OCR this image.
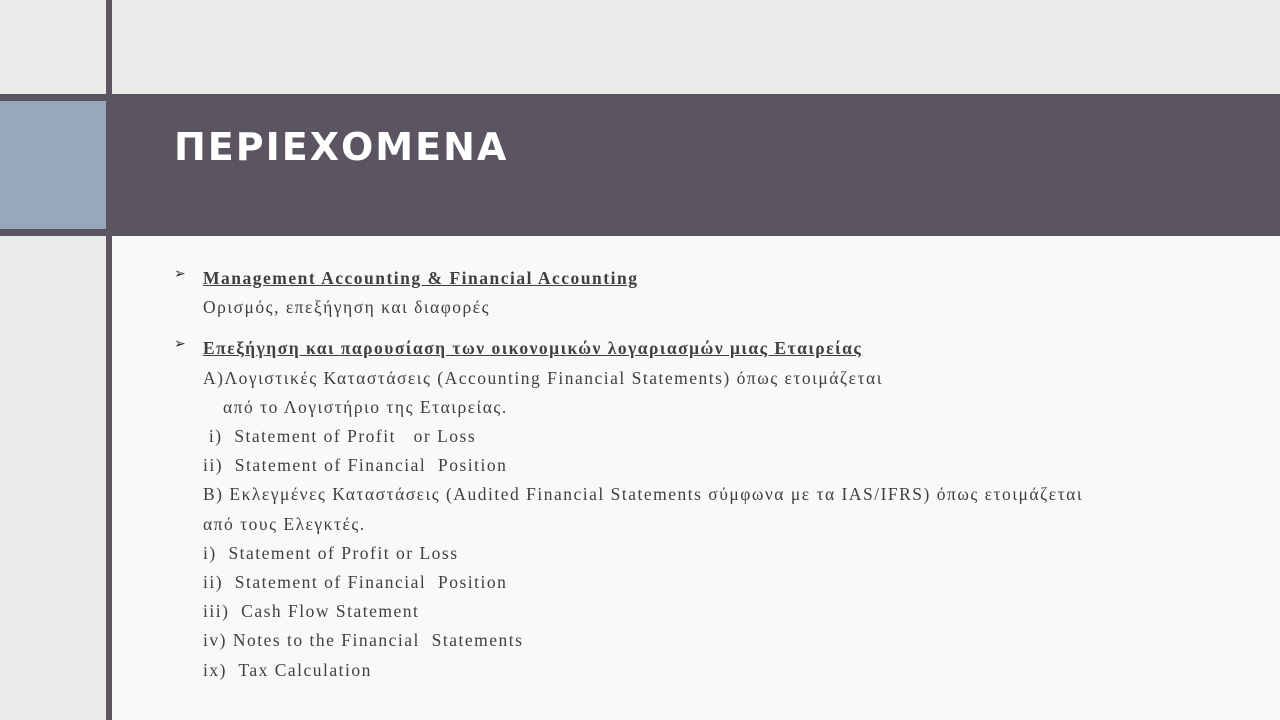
ΠΕΡΙΕΧΟΜΕΝΑ
➢ Management Accounting & Financial Accounting
Ορισμός, επεξήγηση και διαφορές
➢ Επεξήγηση και παρουσίαση των οικονομικών λογαριασμών μιας Εταιρείας
A)Λογιστικές Καταστάσεις (Accounting Financial Statements) όπως ετοιμάζεται
από το Λογιστήριο της Εταιρείας.
i)  Statement of Profit   or Loss
ii)  Statement of Financial  Position
B) Εκλεγμένες Καταστάσεις (Audited Financial Statements σύμφωνα με τα IAS/IFRS) όπως ετοιμάζεται
από τους Ελεγκτές.
i)  Statement of Profit or Loss
ii)  Statement of Financial  Position
iii)  Cash Flow Statement
iv) Notes to the Financial  Statements
ix)  Tax Calculation
